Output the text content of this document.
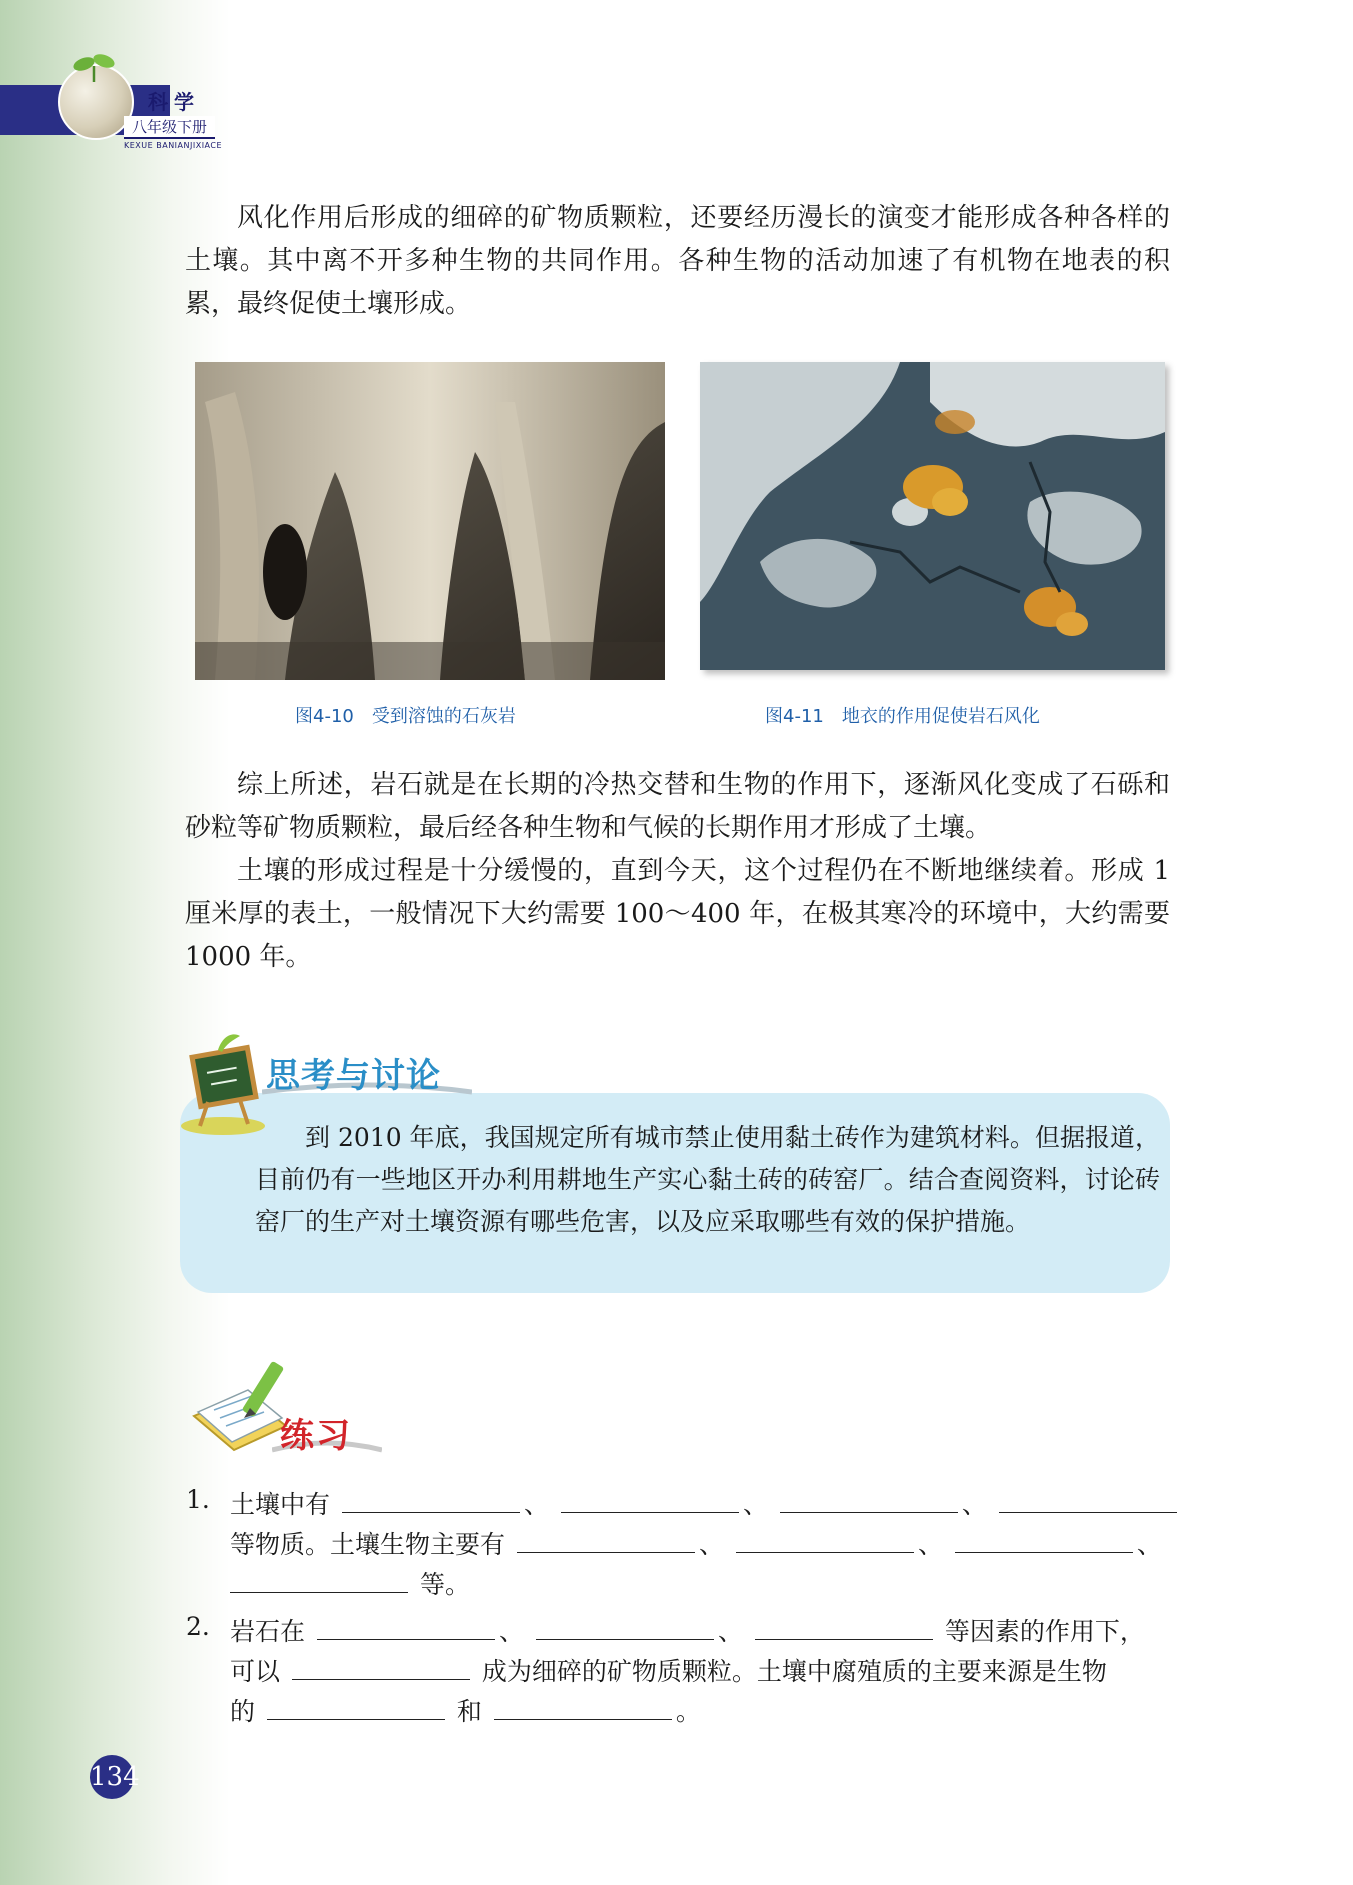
科学
八年级下册
KEXUE BANIANJIXIACE

风化作用后形成的细碎的矿物质颗粒，还要经历漫长的演变才能形成各种各样的土壤。其中离不开多种生物的共同作用。各种生物的活动加速了有机物在地表的积累，最终促使土壤形成。

图4-10　受到溶蚀的石灰岩	图4-11　地衣的作用促使岩石风化

综上所述，岩石就是在长期的冷热交替和生物的作用下，逐渐风化变成了石砾和砂粒等矿物质颗粒，最后经各种生物和气候的长期作用才形成了土壤。

土壤的形成过程是十分缓慢的，直到今天，这个过程仍在不断地继续着。形成 1 厘米厚的表土，一般情况下大约需要 100～400 年，在极其寒冷的环境中，大约需要 1000 年。

思考与讨论

到 2010 年底，我国规定所有城市禁止使用黏土砖作为建筑材料。但据报道，目前仍有一些地区开办利用耕地生产实心黏土砖的砖窑厂。结合查阅资料，讨论砖窑厂的生产对土壤资源有哪些危害，以及应采取哪些有效的保护措施。

练习
1. 土壤中有	、	、	、
等物质。土壤生物主要有	、	、	、
等。
2. 岩石在	、	、	等因素的作用下，
可以	成为细碎的矿物质颗粒。土壤中腐殖质的主要来源是生物
的	和	。
134
